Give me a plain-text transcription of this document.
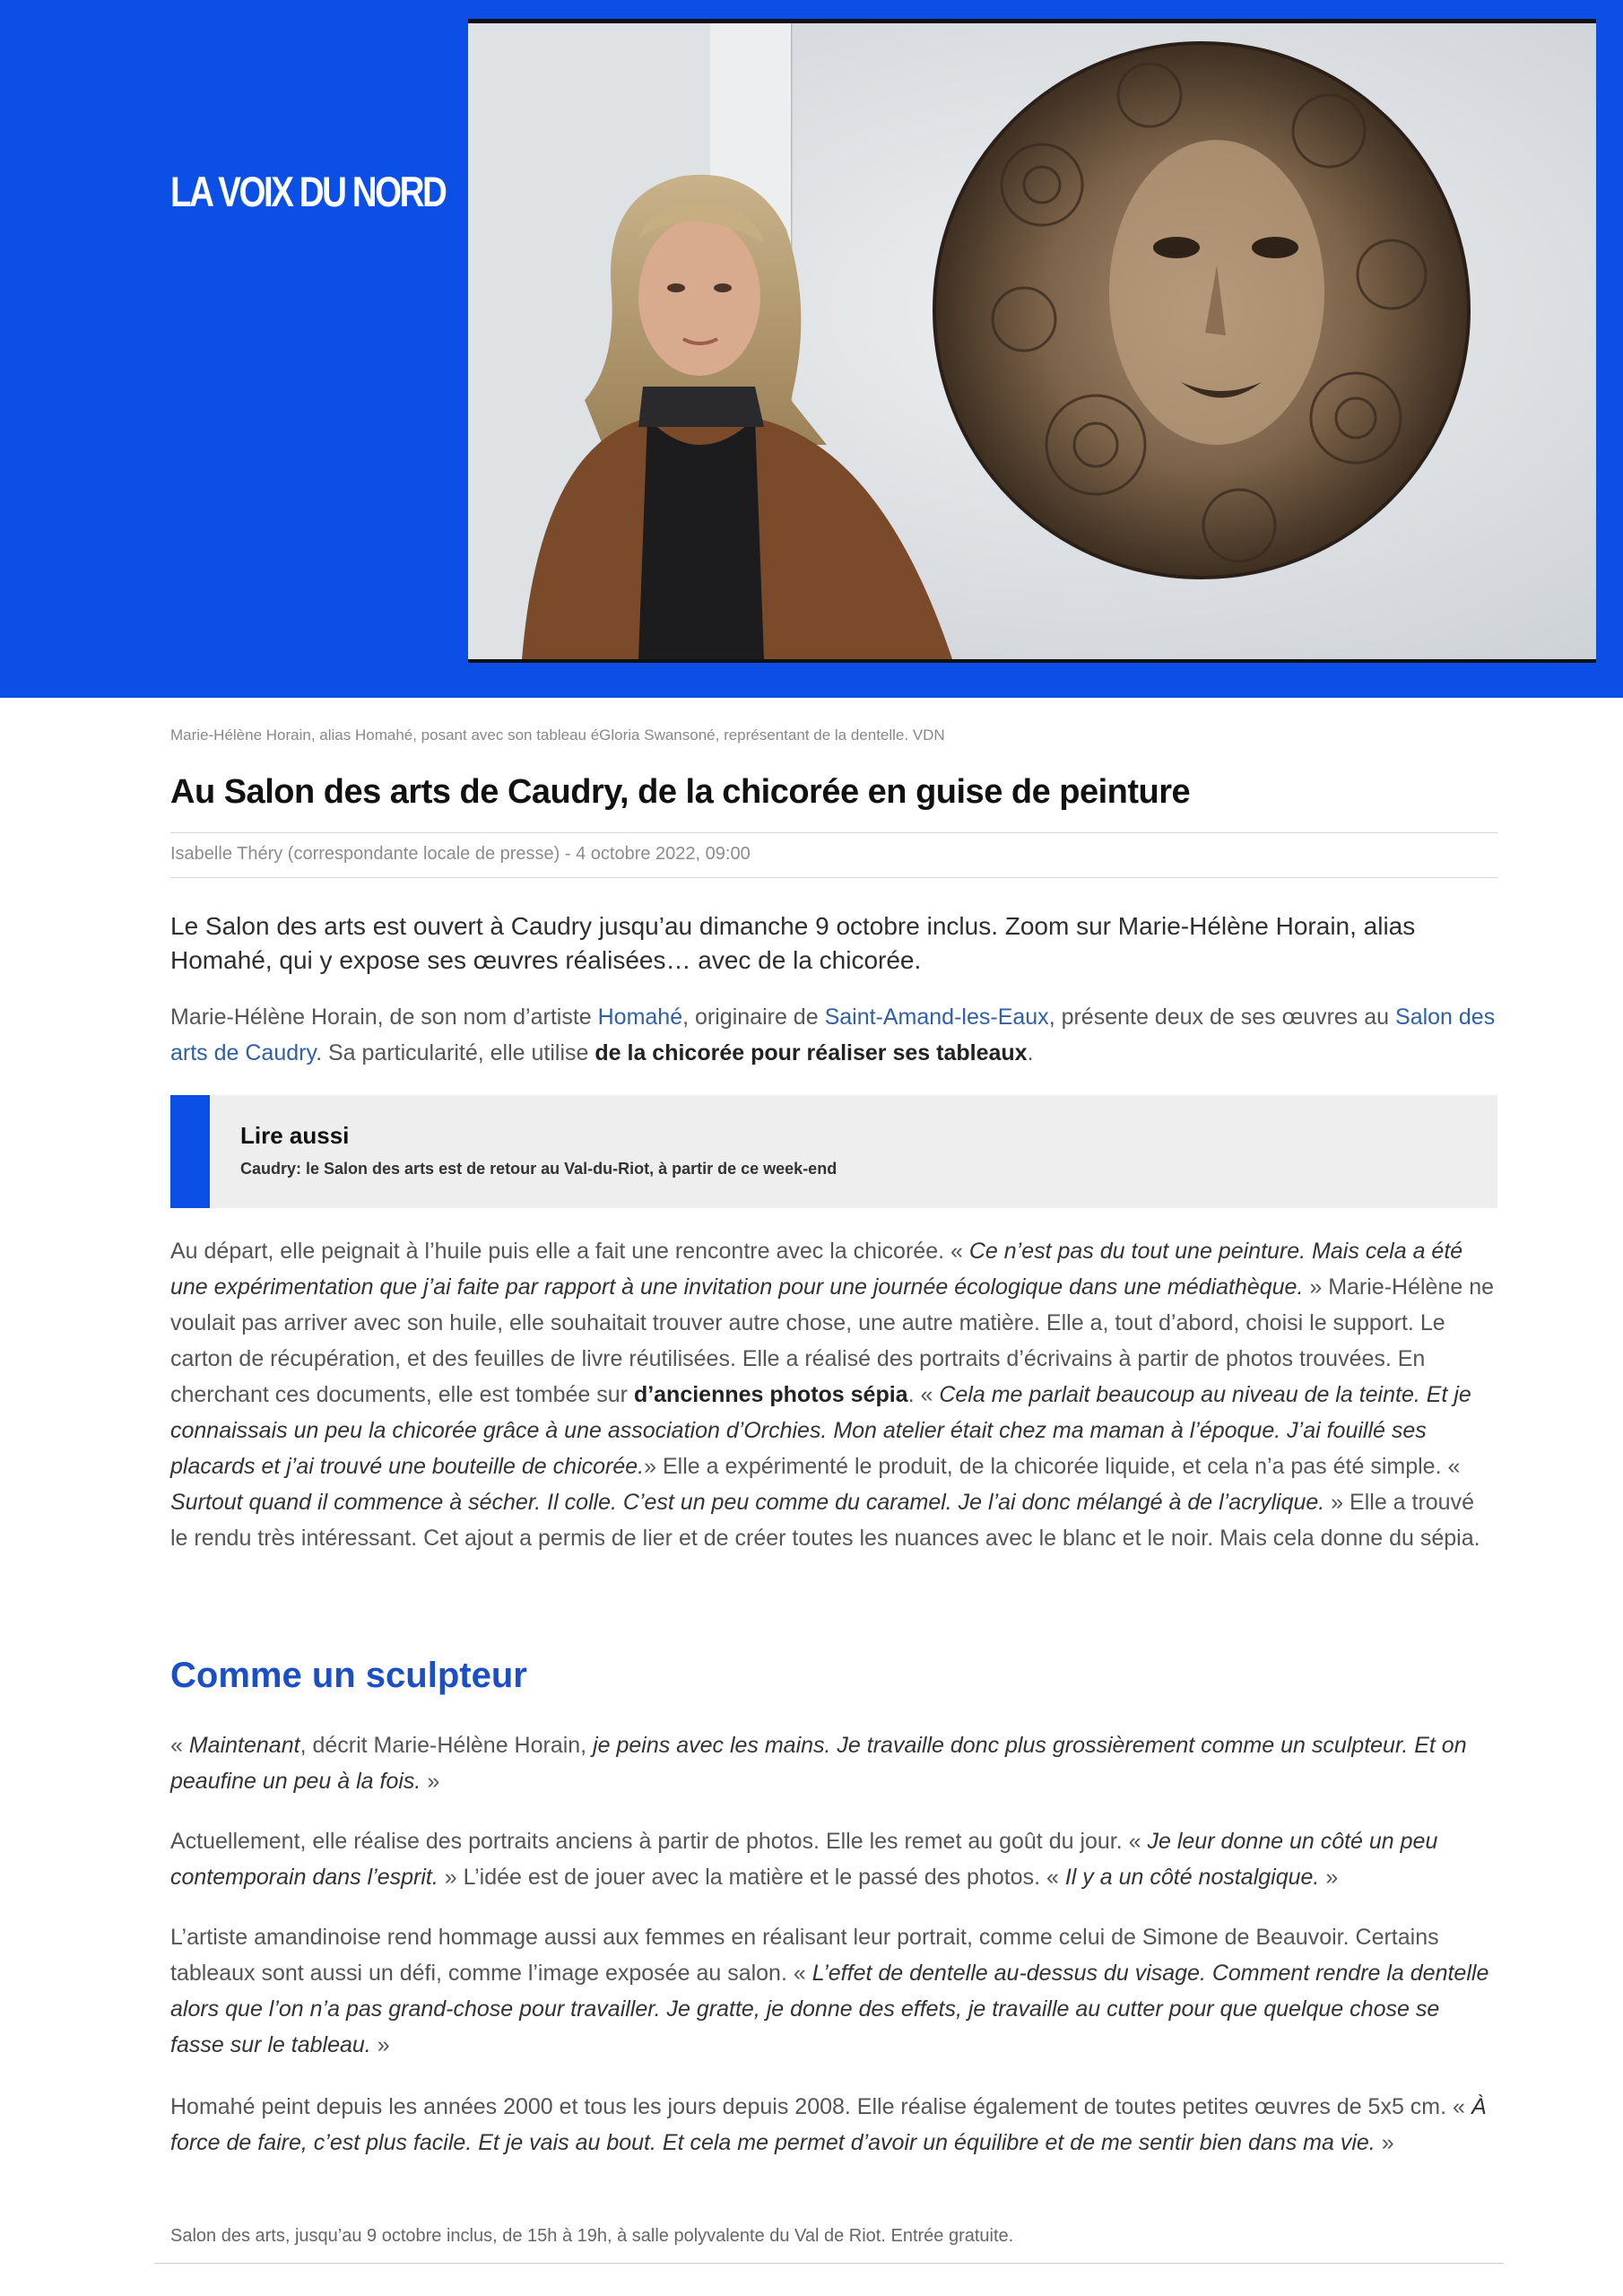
LA VOIX DU NORD
Marie-Hélène Horain, alias Homahé, posant avec son tableau éGloria Swansoné, représentant de la dentelle. VDN
Au Salon des arts de Caudry, de la chicorée en guise de peinture
Isabelle Théry (correspondante locale de presse) - 4 octobre 2022, 09:00

Le Salon des arts est ouvert à Caudry jusqu’au dimanche 9 octobre inclus. Zoom sur Marie-Hélène Horain, alias Homahé, qui y expose ses œuvres réalisées… avec de la chicorée.

Marie-Hélène Horain, de son nom d’artiste Homahé, originaire de Saint-Amand-les-Eaux, présente deux de ses œuvres au Salon des arts de Caudry. Sa particularité, elle utilise de la chicorée pour réaliser ses tableaux.

Lire aussi
Caudry: le Salon des arts est de retour au Val-du-Riot, à partir de ce week-end

Au départ, elle peignait à l’huile puis elle a fait une rencontre avec la chicorée. « Ce n’est pas du tout une peinture. Mais cela a été une expérimentation que j’ai faite par rapport à une invitation pour une journée écologique dans une médiathèque. » Marie-Hélène ne voulait pas arriver avec son huile, elle souhaitait trouver autre chose, une autre matière. Elle a, tout d’abord, choisi le support. Le carton de récupération, et des feuilles de livre réutilisées. Elle a réalisé des portraits d’écrivains à partir de photos trouvées. En cherchant ces documents, elle est tombée sur d’anciennes photos sépia. « Cela me parlait beaucoup au niveau de la teinte. Et je connaissais un peu la chicorée grâce à une association d’Orchies. Mon atelier était chez ma maman à l’époque. J’ai fouillé ses placards et j’ai trouvé une bouteille de chicorée.» Elle a expérimenté le produit, de la chicorée liquide, et cela n’a pas été simple. « Surtout quand il commence à sécher. Il colle. C’est un peu comme du caramel. Je l’ai donc mélangé à de l’acrylique. » Elle a trouvé le rendu très intéressant. Cet ajout a permis de lier et de créer toutes les nuances avec le blanc et le noir. Mais cela donne du sépia.

Comme un sculpteur

« Maintenant, décrit Marie-Hélène Horain, je peins avec les mains. Je travaille donc plus grossièrement comme un sculpteur. Et on peaufine un peu à la fois. »

Actuellement, elle réalise des portraits anciens à partir de photos. Elle les remet au goût du jour. « Je leur donne un côté un peu contemporain dans l’esprit. » L’idée est de jouer avec la matière et le passé des photos. « Il y a un côté nostalgique. »

L’artiste amandinoise rend hommage aussi aux femmes en réalisant leur portrait, comme celui de Simone de Beauvoir. Certains tableaux sont aussi un défi, comme l’image exposée au salon. « L’effet de dentelle au-dessus du visage. Comment rendre la dentelle alors que l’on n’a pas grand-chose pour travailler. Je gratte, je donne des effets, je travaille au cutter pour que quelque chose se fasse sur le tableau. »

Homahé peint depuis les années 2000 et tous les jours depuis 2008. Elle réalise également de toutes petites œuvres de 5x5 cm. « À force de faire, c’est plus facile. Et je vais au bout. Et cela me permet d’avoir un équilibre et de me sentir bien dans ma vie. »

Salon des arts, jusqu’au 9 octobre inclus, de 15h à 19h, à salle polyvalente du Val de Riot. Entrée gratuite.
